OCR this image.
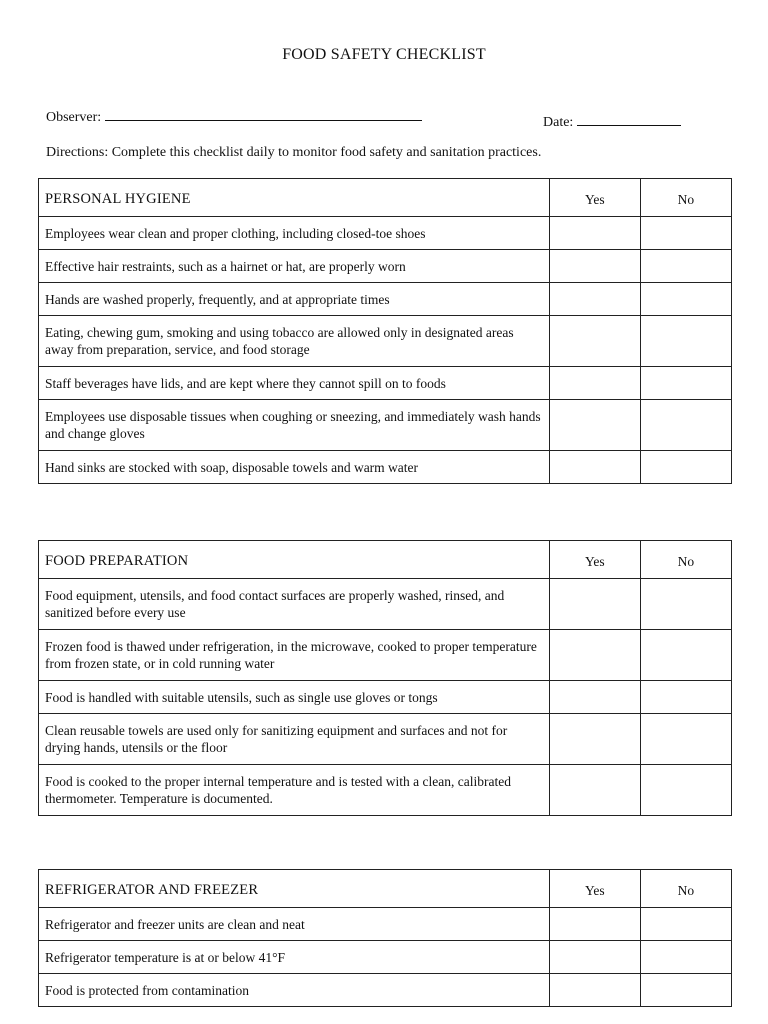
FOOD SAFETY CHECKLIST
Observer:	Date:
Directions: Complete this checklist daily to monitor food safety and sanitation practices.
PERSONAL HYGIENE	Yes	No
Employees wear clean and proper clothing, including closed-toe shoes		
Effective hair restraints, such as a hairnet or hat, are properly worn		
Hands are washed properly, frequently, and at appropriate times		
Eating, chewing gum, smoking and using tobacco are allowed only in designated areas away from preparation, service, and food storage		
Staff beverages have lids, and are kept where they cannot spill on to foods		
Employees use disposable tissues when coughing or sneezing, and immediately wash hands and change gloves		
Hand sinks are stocked with soap, disposable towels and warm water		
FOOD PREPARATION	Yes	No
Food equipment, utensils, and food contact surfaces are properly washed, rinsed, and sanitized before every use		
Frozen food is thawed under refrigeration, in the microwave, cooked to proper temperature from frozen state, or in cold running water		
Food is handled with suitable utensils, such as single use gloves or tongs		
Clean reusable towels are used only for sanitizing equipment and surfaces and not for drying hands, utensils or the floor		
Food is cooked to the proper internal temperature and is tested with a clean, calibrated thermometer. Temperature is documented.		
REFRIGERATOR AND FREEZER	Yes	No
Refrigerator and freezer units are clean and neat		
Refrigerator temperature is at or below 41°F		
Food is protected from contamination		
